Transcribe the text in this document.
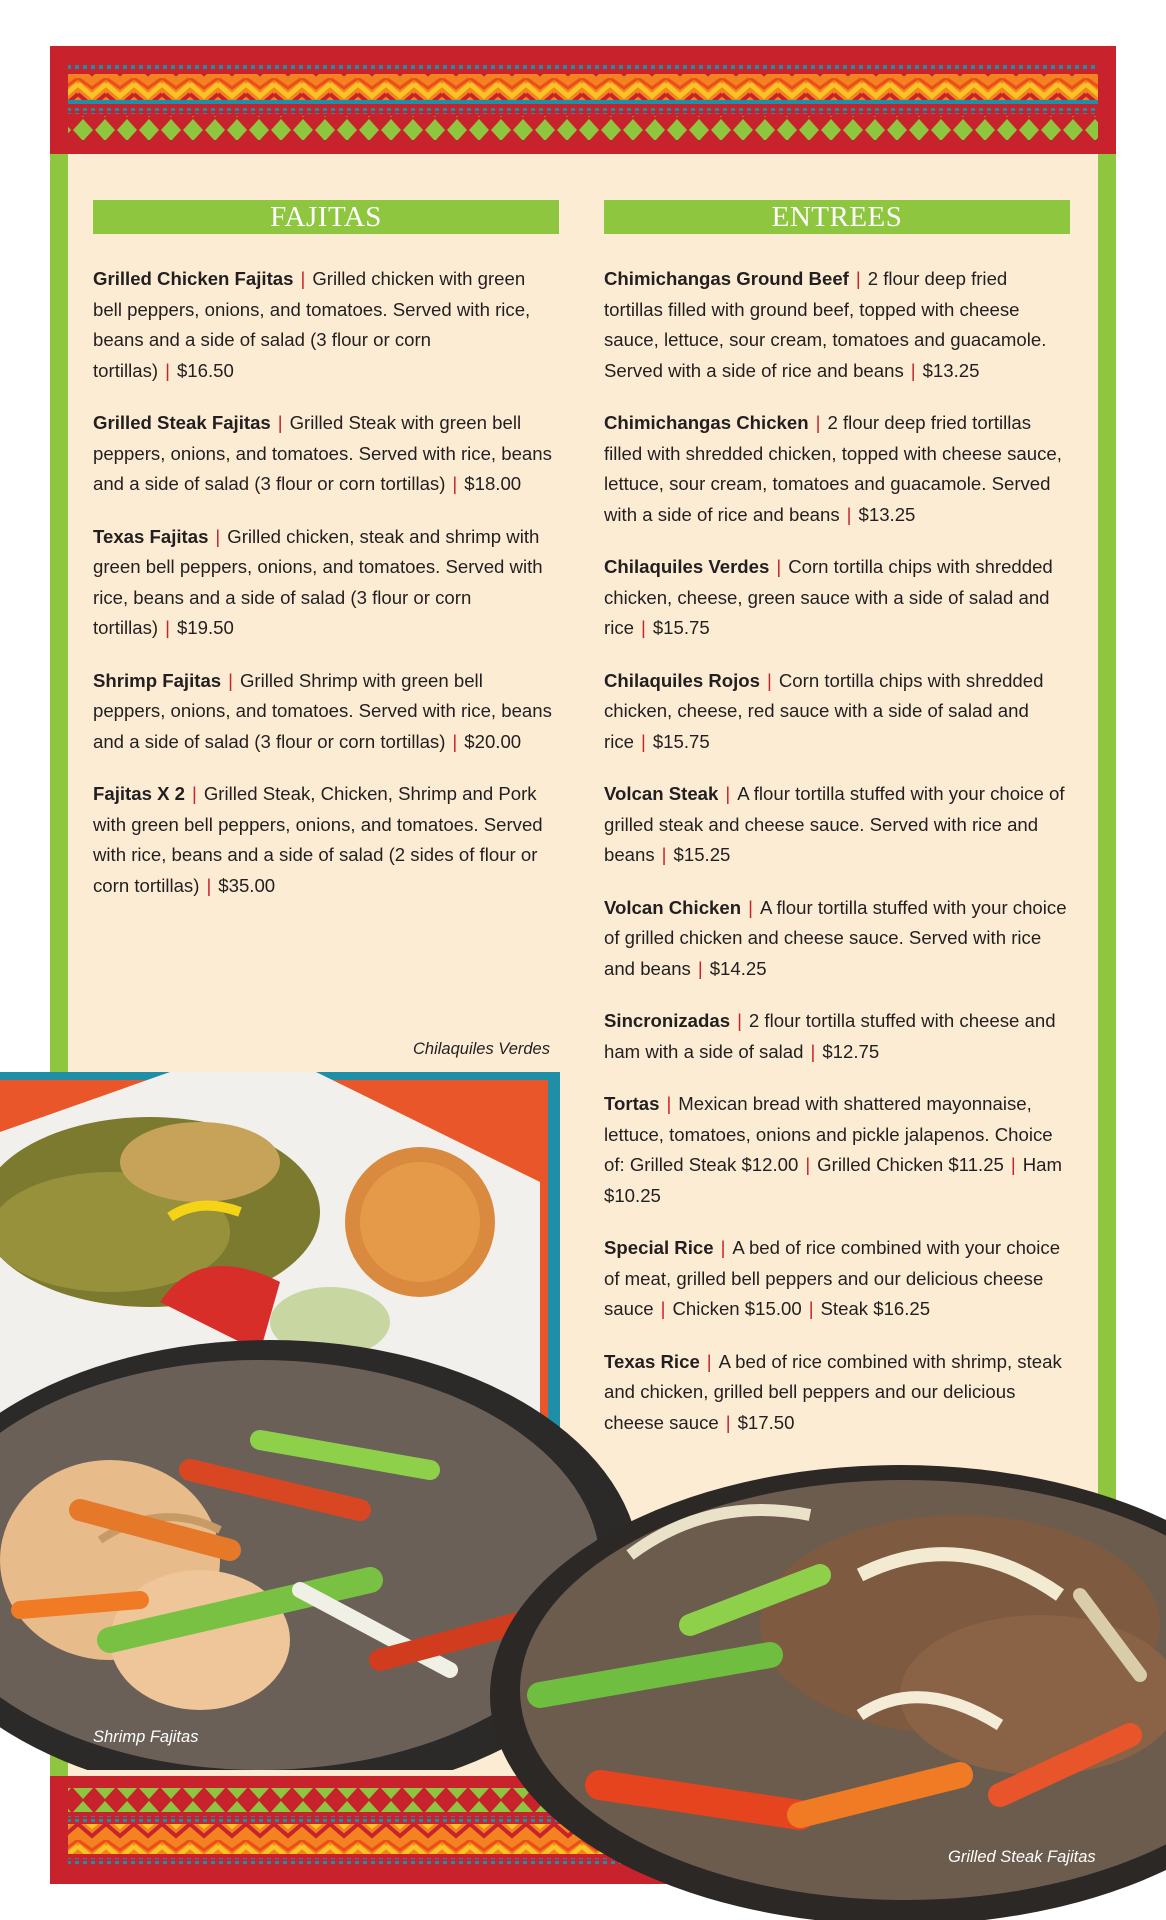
FAJITAS
Grilled Chicken Fajitas | Grilled chicken with green bell peppers, onions, and tomatoes. Served with rice, beans and a side of salad (3 flour or corn tortillas) | $16.50
Grilled Steak Fajitas | Grilled Steak with green bell peppers, onions, and tomatoes. Served with rice, beans and a side of salad (3 flour or corn tortillas) | $18.00
Texas Fajitas | Grilled chicken, steak and shrimp with green bell peppers, onions, and tomatoes. Served with rice, beans and a side of salad (3 flour or corn tortillas) | $19.50
Shrimp Fajitas | Grilled Shrimp with green bell peppers, onions, and tomatoes. Served with rice, beans and a side of salad (3 flour or corn tortillas) | $20.00
Fajitas X 2 | Grilled Steak, Chicken, Shrimp and Pork with green bell peppers, onions, and tomatoes. Served with rice, beans and a side of salad (2 sides of flour or corn tortillas) | $35.00
ENTREES
Chimichangas Ground Beef | 2 flour deep fried tortillas filled with ground beef, topped with cheese sauce, lettuce, sour cream, tomatoes and guacamole. Served with a side of rice and beans | $13.25
Chimichangas Chicken | 2 flour deep fried tortillas filled with shredded chicken, topped with cheese sauce, lettuce, sour cream, tomatoes and guacamole. Served with a side of rice and beans | $13.25
Chilaquiles Verdes | Corn tortilla chips with shredded chicken, cheese, green sauce with a side of salad and rice | $15.75
Chilaquiles Rojos | Corn tortilla chips with shredded chicken, cheese, red sauce with a side of salad and rice | $15.75
Volcan Steak | A flour tortilla stuffed with your choice of grilled steak and cheese sauce. Served with rice and beans | $15.25
Volcan Chicken | A flour tortilla stuffed with your choice of grilled chicken and cheese sauce. Served with rice and beans | $14.25
Sincronizadas | 2 flour tortilla stuffed with cheese and ham with a side of salad | $12.75
Tortas | Mexican bread with shattered mayonnaise, lettuce, tomatoes, onions and pickle jalapenos. Choice of: Grilled Steak $12.00 | Grilled Chicken $11.25 | Ham $10.25
Special Rice | A bed of rice combined with your choice of meat, grilled bell peppers and our delicious cheese sauce | Chicken $15.00 | Steak $16.25
Texas Rice | A bed of rice combined with shrimp, steak and chicken, grilled bell peppers and our delicious cheese sauce | $17.50
Chilaquiles Verdes
Shrimp Fajitas
Grilled Steak Fajitas
